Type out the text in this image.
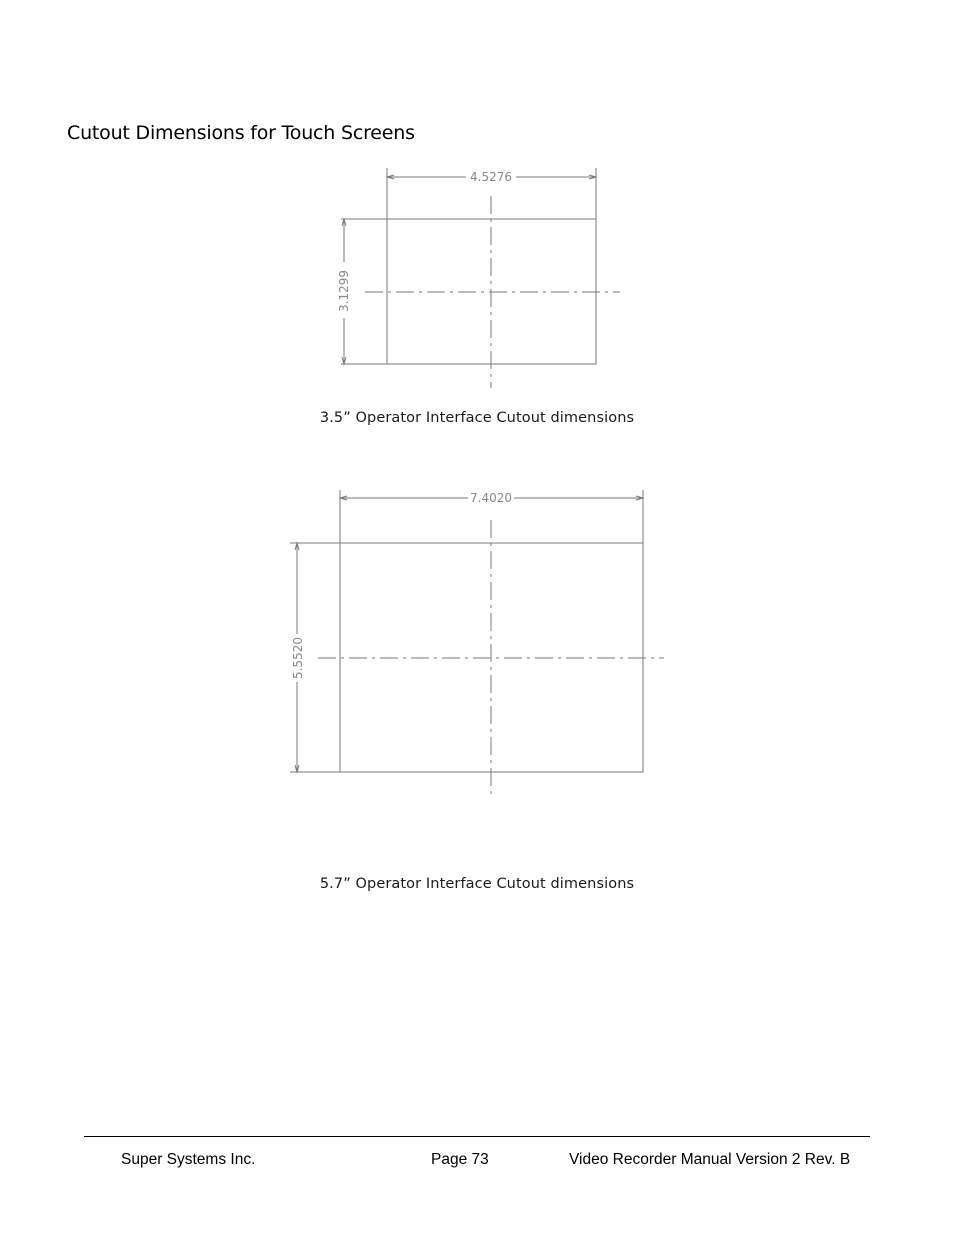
Cutout Dimensions for Touch Screens
4.5276
3.1299
3.5” Operator Interface Cutout dimensions
7.4020
5.5520
5.7” Operator Interface Cutout dimensions
Super Systems Inc.	Page 73	Video Recorder Manual Version 2 Rev. B
